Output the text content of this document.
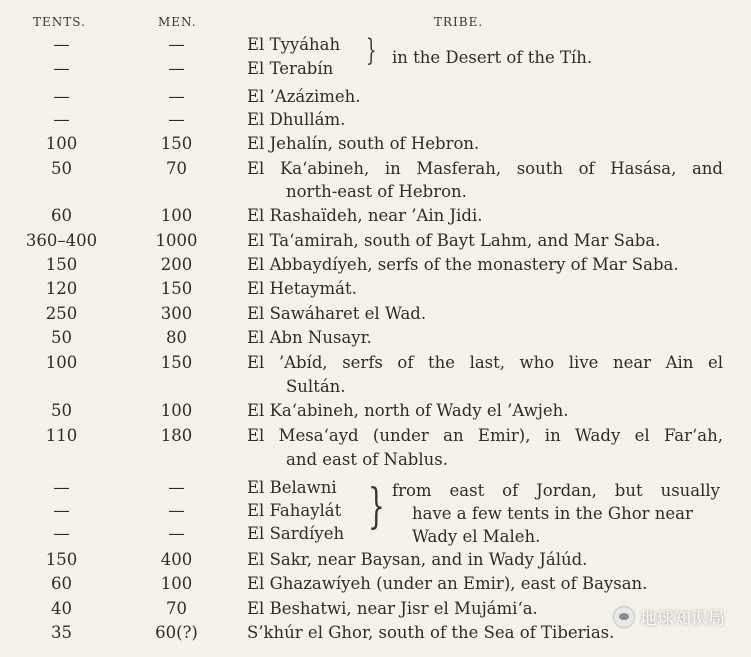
TENTS.	MEN.	TRIBE.
—	—	El Tyyáhah
—	—	El Terabín
} in the Desert of the Tíh.
—	—	El ’Azázimeh.
—	—	El Dhullám.
100	150	El Jehalín, south of Hebron.
50	70	El Ka‘abineh, in Masferah, south of Hasása, and
north-east of Hebron.
60	100	El Rashaïdeh, near ’Ain Jidi.
360–400	1000	El Ta‘amirah, south of Bayt Lahm, and Mar Saba.
150	200	El Abbaydíyeh, serfs of the monastery of Mar Saba.
120	150	El Hetaymát.
250	300	El Sawáharet el Wad.
50	80	El Abn Nusayr.
100	150	El ’Abíd, serfs of the last, who live near Ain el
Sultán.
50	100	El Ka‘abineh, north of Wady el ’Awjeh.
110	180	El Mesa‘ayd (under an Emir), in Wady el Far‘ah,
and east of Nablus.
—	—	El Belawni
—	—	El Fahaylát
—	—	El Sardíyeh } from east of Jordan, but usually
have a few tents in the Ghor near
Wady el Maleh.
150	400	El Sakr, near Baysan, and in Wady Jálúd.
60	100	El Ghazawíyeh (under an Emir), east of Baysan.
40	70	El Beshatwi, near Jisr el Mujámi‘a.
35	60(?)	S’khúr el Ghor, south of the Sea of Tiberias.
地球知识局
